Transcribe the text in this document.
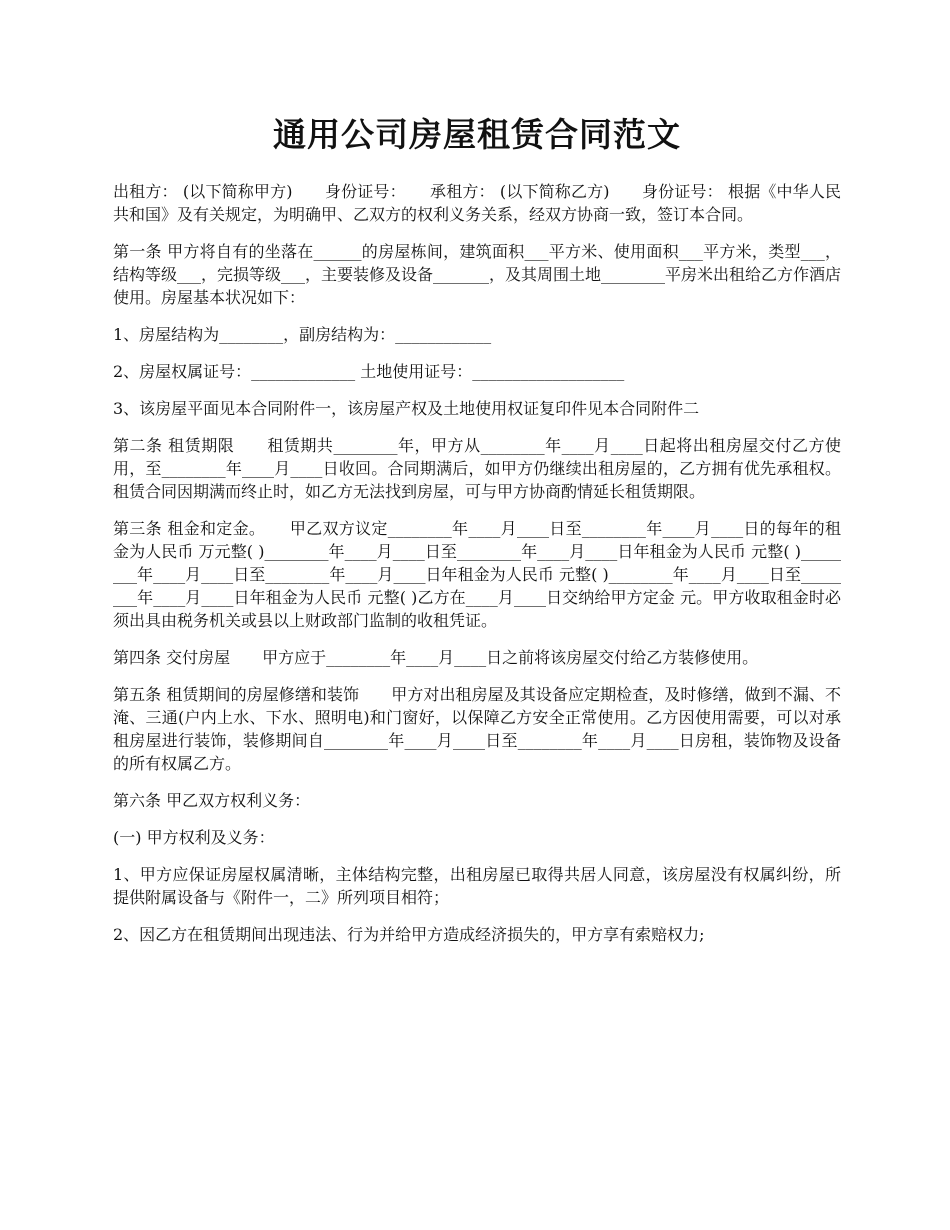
通用公司房屋租赁合同范文
出租方： (以下简称甲方)　　身份证号：　　承租方： (以下简称乙方)　　身份证号： 根据《中华人民共和国》及有关规定，为明确甲、乙双方的权利义务关系，经双方协商一致，签订本合同。
第一条 甲方将自有的坐落在______的房屋栋间，建筑面积___平方米、使用面积___平方米，类型___，结构等级___，完损等级___，主要装修及设备_______，及其周围土地________平房米出租给乙方作酒店使用。房屋基本状况如下：
1、房屋结构为________，副房结构为：____________
2、房屋权属证号：_____________ 土地使用证号：___________________
3、该房屋平面见本合同附件一，该房屋产权及土地使用权证复印件见本合同附件二
第二条 租赁期限　　租赁期共________年，甲方从________年____月____日起将出租房屋交付乙方使用，至________年____月____日收回。合同期满后，如甲方仍继续出租房屋的，乙方拥有优先承租权。租赁合同因期满而终止时，如乙方无法找到房屋，可与甲方协商酌情延长租赁期限。
第三条 租金和定金。　　甲乙双方议定________年____月____日至________年____月____日的每年的租金为人民币 万元整( )________年____月____日至________年____月____日年租金为人民币 元整( )________年____月____日至________年____月____日年租金为人民币 元整( )________年____月____日至________年____月____日年租金为人民币 元整( )乙方在____月____日交纳给甲方定金 元。甲方收取租金时必须出具由税务机关或县以上财政部门监制的收租凭证。
第四条 交付房屋　　甲方应于________年____月____日之前将该房屋交付给乙方装修使用。
第五条 租赁期间的房屋修缮和装饰　　甲方对出租房屋及其设备应定期检查，及时修缮，做到不漏、不淹、三通(户内上水、下水、照明电)和门窗好，以保障乙方安全正常使用。乙方因使用需要，可以对承租房屋进行装饰，装修期间自________年____月____日至________年____月____日房租，装饰物及设备的所有权属乙方。
第六条 甲乙双方权利义务：
(一) 甲方权利及义务：
1、甲方应保证房屋权属清晰，主体结构完整，出租房屋已取得共居人同意，该房屋没有权属纠纷，所提供附属设备与《附件一，二》所列项目相符；
2、因乙方在租赁期间出现违法、行为并给甲方造成经济损失的，甲方享有索赔权力;
